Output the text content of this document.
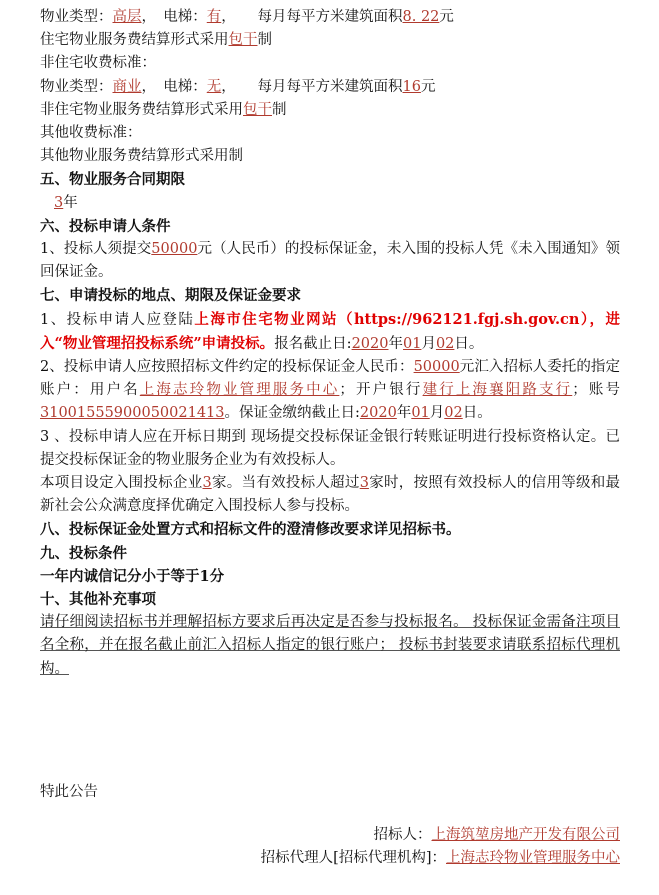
物业类型：高层，　电梯：有，　　每月每平方米建筑面积8. 22元
住宅物业服务费结算形式采用包干制
非住宅收费标准：
物业类型：商业，　电梯：无，　　每月每平方米建筑面积16元
非住宅物业服务费结算形式采用包干制
其他收费标准：
其他物业服务费结算形式采用制
五、物业服务合同期限
3年
六、投标申请人条件
1、投标人须提交50000元（人民币）的投标保证金，未入围的投标人凭《未入围通知》领回保证金。
七、申请投标的地点、期限及保证金要求
1、投标申请人应登陆上海市住宅物业网站（https://962121.fgj.sh.gov.cn），进入“物业管理招投标系统”申请投标。报名截止日:2020年01月02日。
2、投标申请人应按照招标文件约定的投标保证金人民币：50000元汇入招标人委托的指定账户：用户名上海志玲物业管理服务中心；开户银行建行上海襄阳路支行；账号31001555900050021413。保证金缴纳截止日:2020年01月02日。
3 、投标申请人应在开标日期到 现场提交投标保证金银行转账证明进行投标资格认定。已提交投标保证金的物业服务企业为有效投标人。
本项目设定入围投标企业3家。当有效投标人超过3家时，按照有效投标人的信用等级和最新社会公众满意度择优确定入围投标人参与投标。
八、投标保证金处置方式和招标文件的澄清修改要求详见招标书。
九、投标条件
一年内诚信记分小于等于1分
十、其他补充事项
请仔细阅读招标书并理解招标方要求后再决定是否参与投标报名。 投标保证金需备注项目名全称，并在报名截止前汇入招标人指定的银行账户； 投标书封装要求请联系招标代理机构。
特此公告
招标人：上海筑堃房地产开发有限公司
招标代理人[招标代理机构]：上海志玲物业管理服务中心
